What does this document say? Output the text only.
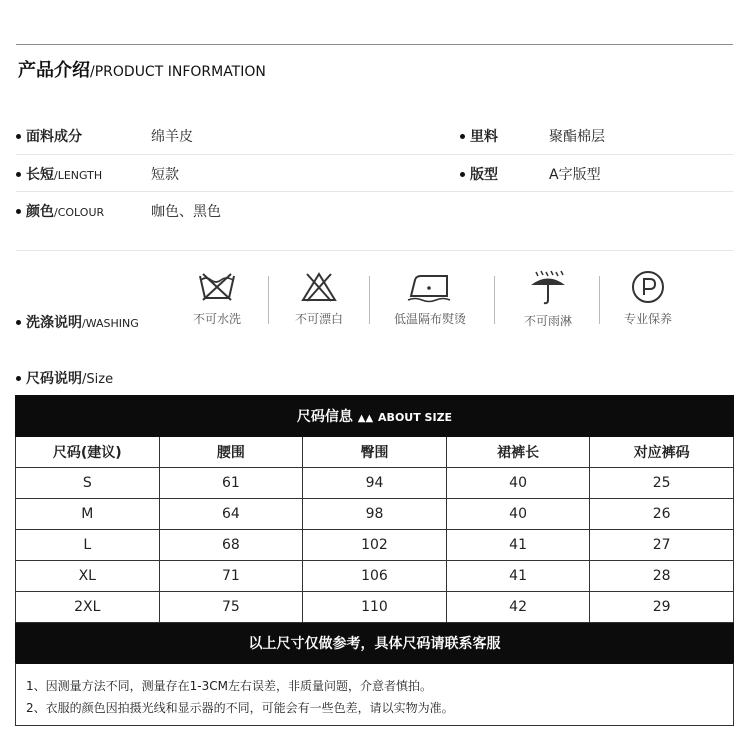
产品介绍/PRODUCT INFORMATION
面料成分	绵羊皮	里料	聚酯棉层
长短/LENGTH	短款	版型	A字版型
颜色/COLOUR	咖色、黑色
洗涤说明/WASHING	不可水洗	不可漂白	低温隔布熨烫	不可雨淋	专业保养
尺码说明/Size
尺码信息 ▲▲ ABOUT SIZE				
尺码(建议)	腰围	臀围	裙裤长	对应裤码
S	61	94	40	25
M	64	98	40	26
L	68	102	41	27
XL	71	106	41	28
2XL	75	110	42	29
以上尺寸仅做参考，具体尺码请联系客服				
1、因测量方法不同，测量存在1-3CM左右误差，非质量问题，介意者慎拍。
2、衣服的颜色因拍摄光线和显示器的不同，可能会有一些色差，请以实物为准。
